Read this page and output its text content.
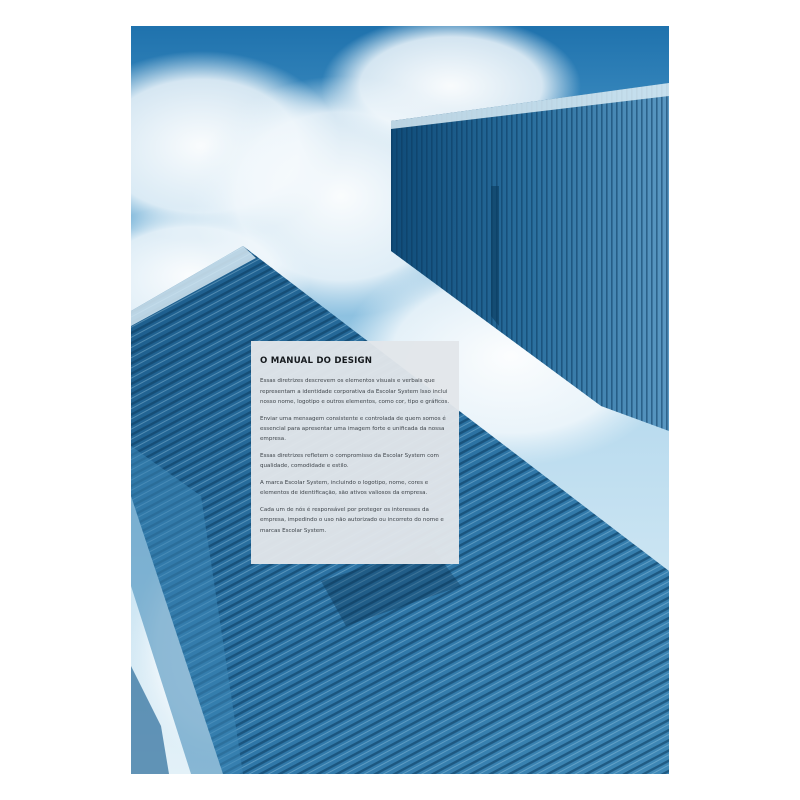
O MANUAL DO DESIGN

Essas diretrizes descrevem os elementos visuais e verbais que representam a identidade corporativa da Escolar System Isso inclui nosso nome, logotipo e outros elementos, como cor, tipo e gráficos.

Enviar uma mensagem consistente e controlada de quem somos é essencial para apresentar uma imagem forte e unificada da nossa empresa.

Essas diretrizes refletem o compromisso da Escolar System com qualidade, comodidade e estilo.

A marca Escolar System, incluindo o logotipo, nome, cores e elementos de identificação, são ativos valiosos da empresa.

Cada um de nós é responsável por proteger os interesses da empresa, impedindo o uso não autorizado ou incorreto do nome e marcas Escolar System.
